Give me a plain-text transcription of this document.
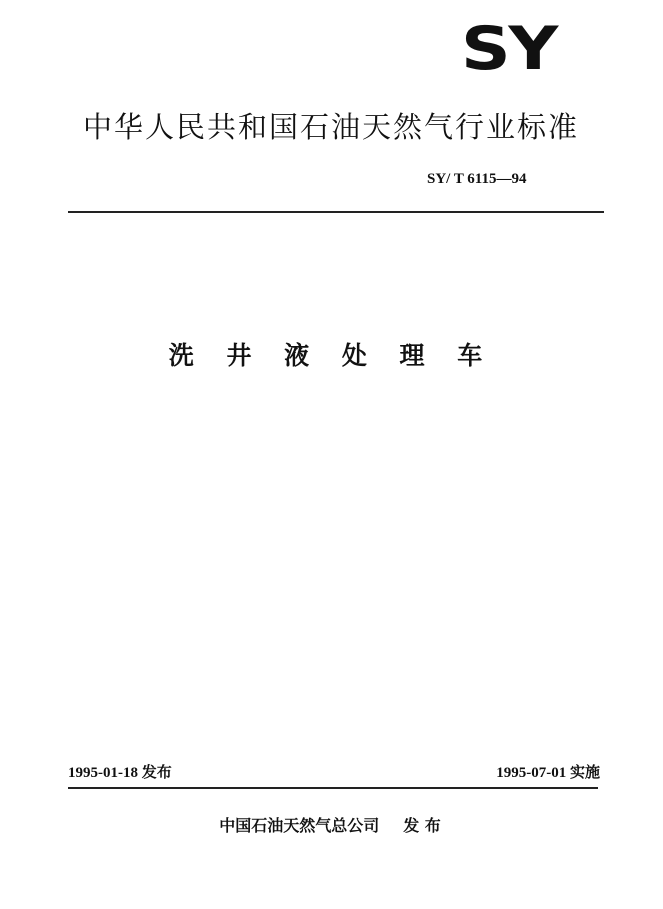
SY
中华人民共和国石油天然气行业标准
SY/ T 6115—94
洗 井 液 处 理 车
1995-01-18 发布	1995-07-01 实施
中国石油天然气总公司 发 布
